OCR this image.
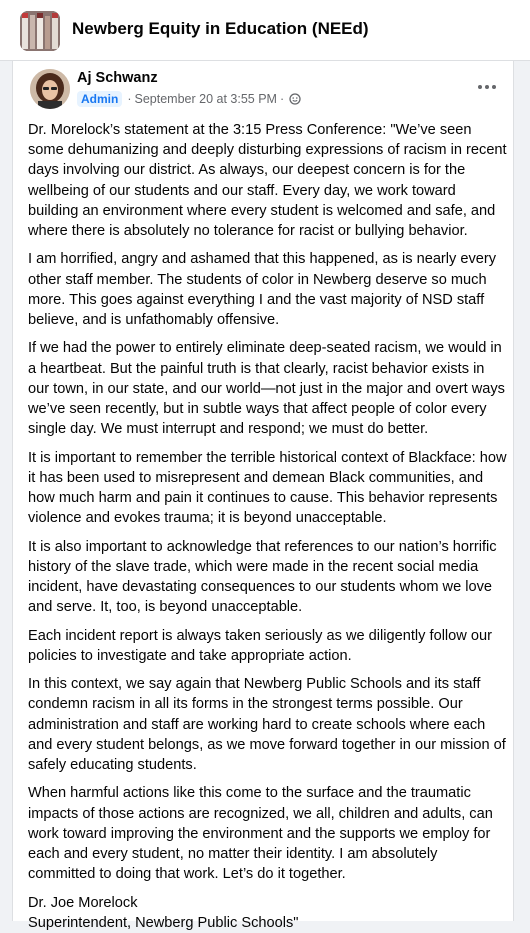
Newberg Equity in Education (NEEd)
Aj Schwanz
Admin · September 20 at 3:55 PM ·

Dr. Morelock’s statement at the 3:15 Press Conference: "We’ve seen some dehumanizing and deeply disturbing expressions of racism in recent days involving our district. As always, our deepest concern is for the wellbeing of our students and our staff. Every day, we work toward building an environment where every student is welcomed and safe, and where there is absolutely no tolerance for racist or bullying behavior.

I am horrified, angry and ashamed that this happened, as is nearly every other staff member. The students of color in Newberg deserve so much more. This goes against everything I and the vast majority of NSD staff believe, and is unfathomably offensive.

If we had the power to entirely eliminate deep-seated racism, we would in a heartbeat. But the painful truth is that clearly, racist behavior exists in our town, in our state, and our world—not just in the major and overt ways we’ve seen recently, but in subtle ways that affect people of color every single day. We must interrupt and respond; we must do better.

It is important to remember the terrible historical context of Blackface: how it has been used to misrepresent and demean Black communities, and how much harm and pain it continues to cause. This behavior represents violence and evokes trauma; it is beyond unacceptable.

It is also important to acknowledge that references to our nation’s horrific history of the slave trade, which were made in the recent social media incident, have devastating consequences to our students whom we love and serve. It, too, is beyond unacceptable.

Each incident report is always taken seriously as we diligently follow our policies to investigate and take appropriate action.

In this context, we say again that Newberg Public Schools and its staff condemn racism in all its forms in the strongest terms possible. Our administration and staff are working hard to create schools where each and every student belongs, as we move forward together in our mission of safely educating students.

When harmful actions like this come to the surface and the traumatic impacts of those actions are recognized, we all, children and adults, can work toward improving the environment and the supports we employ for each and every student, no matter their identity. I am absolutely committed to doing that work. Let’s do it together.

Dr. Joe Morelock
Superintendent, Newberg Public Schools"
